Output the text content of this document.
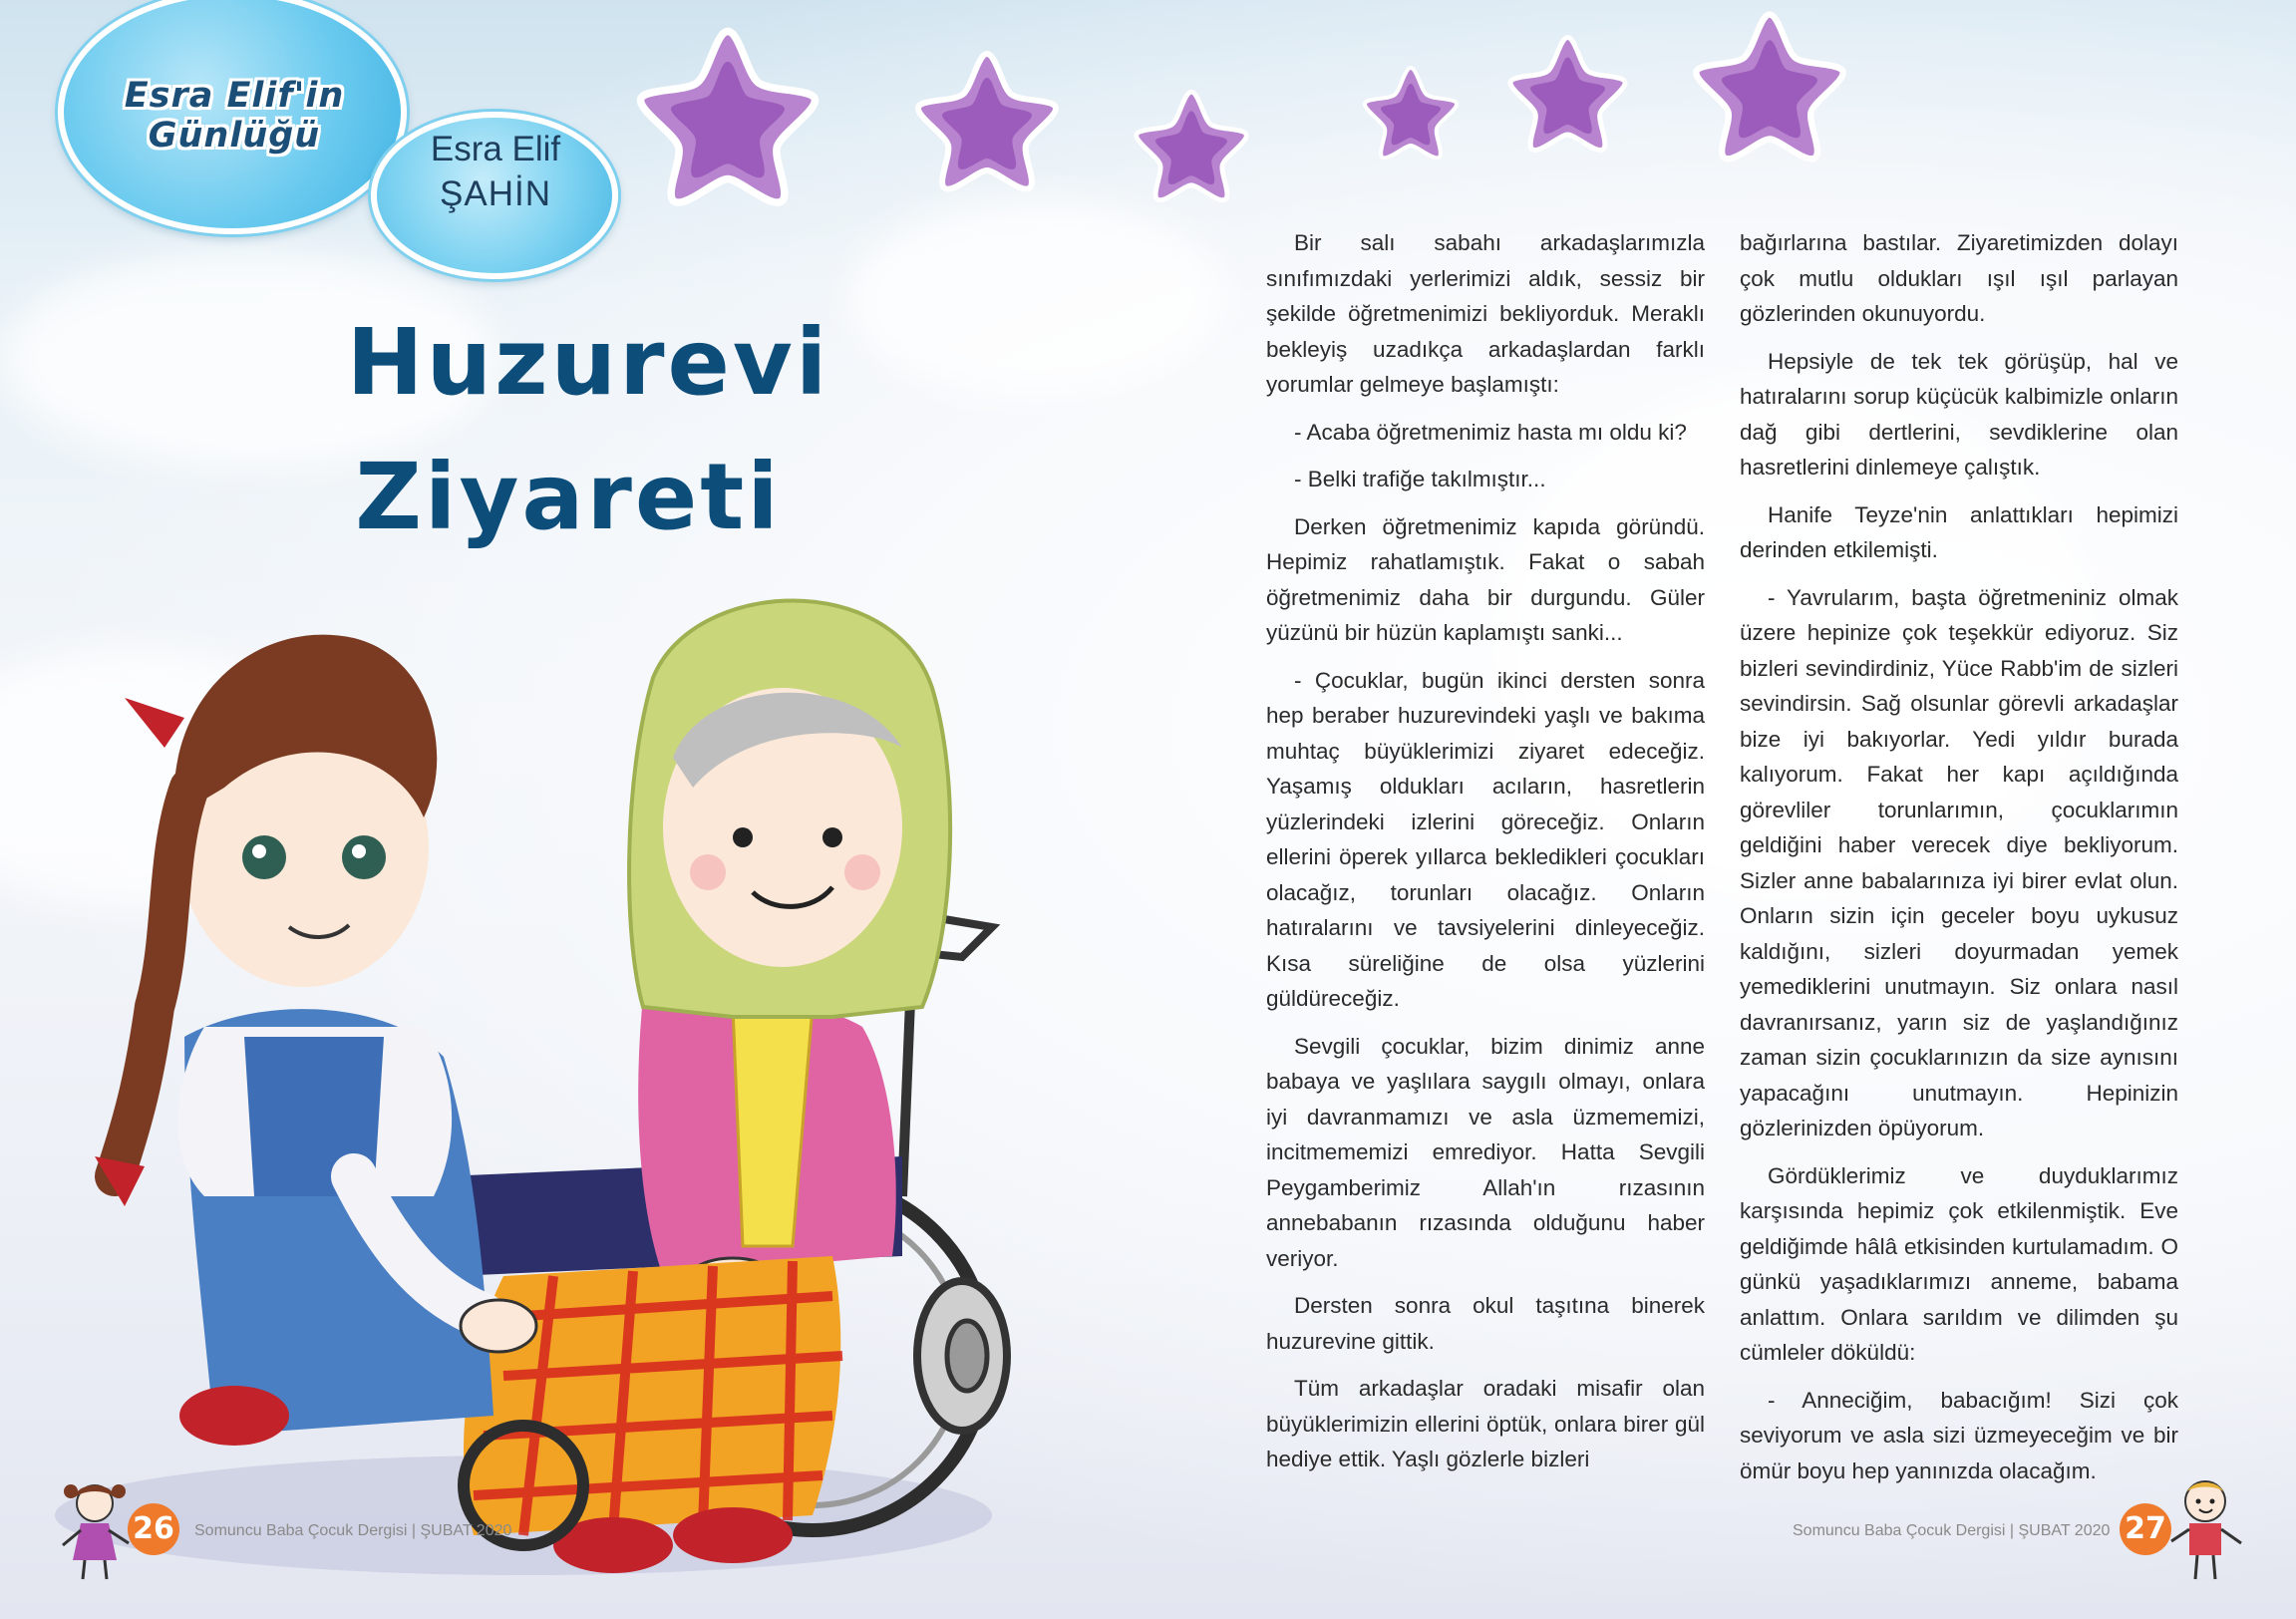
Esra Elif'in Günlüğü	Esra Elif
ŞAHİN
Huzurevi
Ziyareti

Bir salı sabahı arkadaşlarımızla sınıfımızdaki yerlerimizi aldık, sessiz bir şekilde öğretmenimizi bekliyorduk. Meraklı bekleyiş uzadıkça arkadaşlardan farklı yorumlar gelmeye başlamıştı:

- Acaba öğretmenimiz hasta mı oldu ki?

- Belki trafiğe takılmıştır...

Derken öğretmenimiz kapıda göründü. Hepimiz rahatlamıştık. Fakat o sabah öğretmenimiz daha bir durgundu. Güler yüzünü bir hüzün kaplamıştı sanki...

- Çocuklar, bugün ikinci dersten sonra hep beraber huzurevindeki yaşlı ve bakıma muhtaç büyüklerimizi ziyaret edeceğiz. Yaşamış oldukları acıların, hasretlerin yüzlerindeki izlerini göreceğiz. Onların ellerini öperek yıllarca bekledikleri çocukları olacağız, torunları olacağız. Onların hatıralarını ve tavsiyelerini dinleyeceğiz. Kısa süreliğine de olsa yüzlerini güldüreceğiz.

Sevgili çocuklar, bizim dinimiz anne babaya ve yaşlılara saygılı olmayı, onlara iyi davranmamızı ve asla üzmememizi, incitmememizi emrediyor. Hatta Sevgili Peygamberimiz Allah'ın rızasının annebabanın rızasında olduğunu haber veriyor.

Dersten sonra okul taşıtına binerek huzurevine gittik.

Tüm arkadaşlar oradaki misafir olan büyüklerimizin ellerini öptük, onlara birer gül hediye ettik. Yaşlı gözlerle bizleri

bağırlarına bastılar. Ziyaretimizden dolayı çok mutlu oldukları ışıl ışıl parlayan gözlerinden okunuyordu.

Hepsiyle de tek tek görüşüp, hal ve hatıralarını sorup küçücük kalbimizle onların dağ gibi dertlerini, sevdiklerine olan hasretlerini dinlemeye çalıştık.

Hanife Teyze'nin anlattıkları hepimizi derinden etkilemişti.

- Yavrularım, başta öğretmeniniz olmak üzere hepinize çok teşekkür ediyoruz. Siz bizleri sevindirdiniz, Yüce Rabb'im de sizleri sevindirsin. Sağ olsunlar görevli arkadaşlar bize iyi bakıyorlar. Yedi yıldır burada kalıyorum. Fakat her kapı açıldığında görevliler torunlarımın, çocuklarımın geldiğini haber verecek diye bekliyorum. Sizler anne babalarınıza iyi birer evlat olun. Onların sizin için geceler boyu uykusuz kaldığını, sizleri doyurmadan yemek yemediklerini unutmayın. Siz onlara nasıl davranırsanız, yarın siz de yaşlandığınız zaman sizin çocuklarınızın da size aynısını yapacağını unutmayın. Hepinizin gözlerinizden öpüyorum.

Gördüklerimiz ve duyduklarımız karşısında hepimiz çok etkilenmiştik. Eve geldiğimde hâlâ etkisinden kurtulamadım. O günkü yaşadıklarımızı anneme, babama anlattım. Onlara sarıldım ve dilimden şu cümleler döküldü:

- Anneciğim, babacığım! Sizi çok seviyorum ve asla sizi üzmeyeceğim ve bir ömür boyu hep yanınızda olacağım.

26	Somuncu Baba Çocuk Dergisi | ŞUBAT 2020	Somuncu Baba Çocuk Dergisi | ŞUBAT 2020 27
